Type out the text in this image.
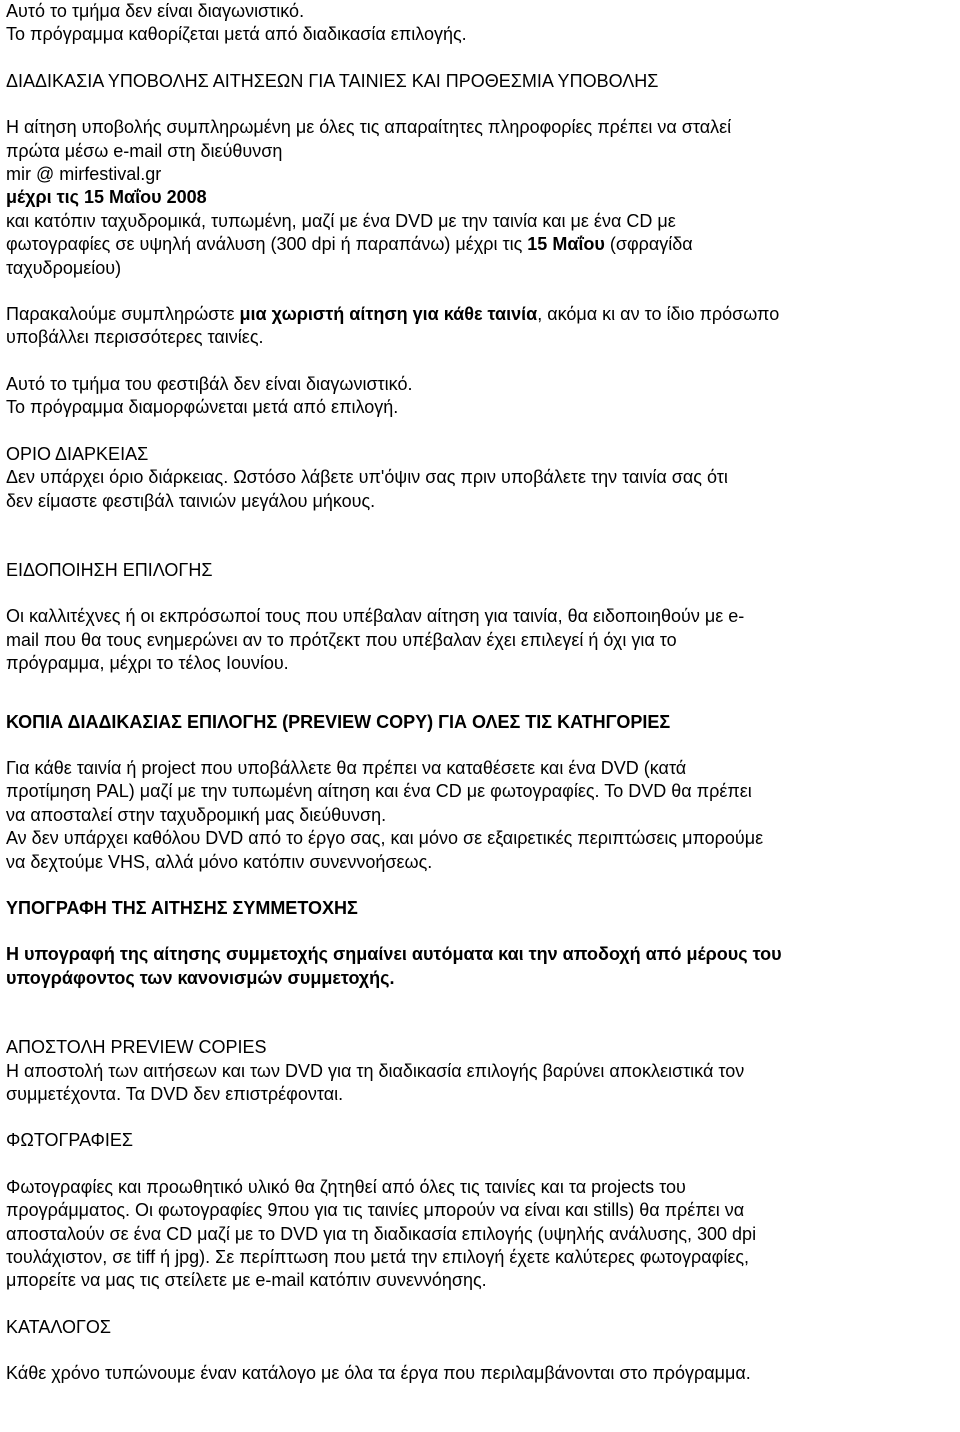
Αυτό το τμήμα δεν είναι διαγωνιστικό.
Το πρόγραμμα καθορίζεται μετά από διαδικασία επιλογής.
ΔΙΑΔΙΚΑΣΙΑ ΥΠΟΒΟΛΗΣ ΑΙΤΗΣΕΩΝ ΓΙΑ ΤΑΙΝΙΕΣ ΚΑΙ ΠΡΟΘΕΣΜΙΑ ΥΠΟΒΟΛΗΣ
Η αίτηση υποβολής συμπληρωμένη με όλες τις απαραίτητες πληροφορίες πρέπει να σταλεί
πρώτα μέσω e-mail στη διεύθυνση
mir @ mirfestival.gr
μέχρι τις 15 Μαΐου 2008
και κατόπιν ταχυδρομικά, τυπωμένη, μαζί με ένα DVD με την ταινία και με ένα CD με
φωτογραφίες σε υψηλή ανάλυση (300 dpi ή παραπάνω) μέχρι τις 15 Μαΐου (σφραγίδα
ταχυδρομείου)
Παρακαλούμε συμπληρώστε μια χωριστή αίτηση για κάθε ταινία, ακόμα κι αν το ίδιο πρόσωπο
υποβάλλει περισσότερες ταινίες.
Αυτό το τμήμα του φεστιβάλ δεν είναι διαγωνιστικό.
Το πρόγραμμα διαμορφώνεται μετά από επιλογή.
ΟΡΙΟ ΔΙΑΡΚΕΙΑΣ
Δεν υπάρχει όριο διάρκειας. Ωστόσο λάβετε υπ'όψιν σας πριν υποβάλετε την ταινία σας ότι
δεν είμαστε φεστιβάλ ταινιών μεγάλου μήκους.
ΕΙΔΟΠΟΙΗΣΗ ΕΠΙΛΟΓΗΣ
Οι καλλιτέχνες ή οι εκπρόσωποί τους που υπέβαλαν αίτηση για ταινία, θα ειδοποιηθούν με e-
mail που θα τους ενημερώνει αν το πρότζεκτ που υπέβαλαν έχει επιλεγεί ή όχι για το
πρόγραμμα, μέχρι το τέλος Ιουνίου.
ΚΟΠΙΑ ΔΙΑΔΙΚΑΣΙΑΣ ΕΠΙΛΟΓΗΣ (PREVIEW COPY) ΓΙΑ ΟΛΕΣ ΤΙΣ ΚΑΤΗΓΟΡΙΕΣ
Για κάθε ταινία ή project που υποβάλλετε θα πρέπει να καταθέσετε και ένα DVD (κατά
προτίμηση PAL) μαζί με την τυπωμένη αίτηση και ένα CD με φωτογραφίες. Το DVD θα πρέπει
να αποσταλεί στην ταχυδρομική μας διεύθυνση.
Αν δεν υπάρχει καθόλου DVD από το έργο σας, και μόνο σε εξαιρετικές περιπτώσεις μπορούμε
να δεχτούμε VHS, αλλά μόνο κατόπιν συνεννοήσεως.
ΥΠΟΓΡΑΦΗ ΤΗΣ ΑΙΤΗΣΗΣ ΣΥΜΜΕΤΟΧΗΣ
Η υπογραφή της αίτησης συμμετοχής σημαίνει αυτόματα και την αποδοχή από μέρους του
υπογράφοντος των κανονισμών συμμετοχής.
ΑΠΟΣΤΟΛΗ PREVIEW COPIES
Η αποστολή των αιτήσεων και των DVD για τη διαδικασία επιλογής βαρύνει αποκλειστικά τον
συμμετέχοντα. Τα DVD δεν επιστρέφονται.
ΦΩΤΟΓΡΑΦΙΕΣ
Φωτογραφίες και προωθητικό υλικό θα ζητηθεί από όλες τις ταινίες και τα projects του
προγράμματος. Οι φωτογραφίες 9που για τις ταινίες μπορούν να είναι και stills) θα πρέπει να
αποσταλούν σε ένα CD μαζί με το DVD για τη διαδικασία επιλογής (υψηλής ανάλυσης, 300 dpi
τουλάχιστον, σε tiff ή jpg). Σε περίπτωση που μετά την επιλογή έχετε καλύτερες φωτογραφίες,
μπορείτε να μας τις στείλετε με e-mail κατόπιν συνεννόησης.
ΚΑΤΑΛΟΓΟΣ
Κάθε χρόνο τυπώνουμε έναν κατάλογο με όλα τα έργα που περιλαμβάνονται στο πρόγραμμα.
